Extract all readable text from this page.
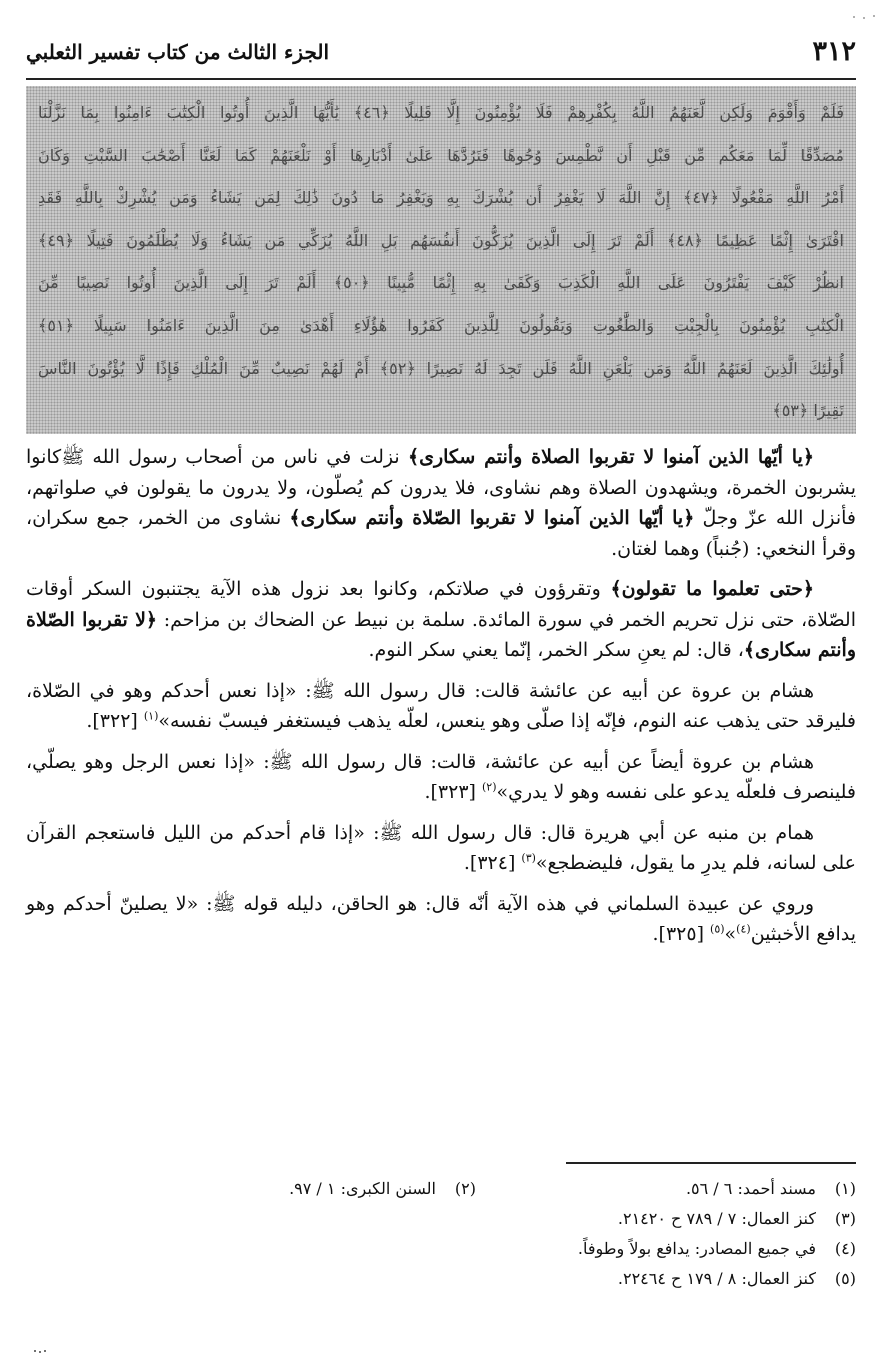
٣١٢
الجزء الثالث من كتاب تفسير الثعلبي
فَلَمْ وَأَقْوَمَ وَلَكِن لَّعَنَهُمُ اللَّهُ بِكُفْرِهِمْ فَلَا يُؤْمِنُونَ إِلَّا قَلِيلًا ﴿٤٦﴾ يَٰأَيُّهَا الَّذِينَ أُوتُوا الْكِتَٰبَ ءَامِنُوا بِمَا نَزَّلْنَا
مُصَدِّقًا لِّمَا مَعَكُم مِّن قَبْلِ أَن نَّطْمِسَ وُجُوهًا فَنَرُدَّهَا عَلَىٰ أَدْبَارِهَا أَوْ نَلْعَنَهُمْ كَمَا لَعَنَّا أَصْحَٰبَ السَّبْتِ وَكَانَ
أَمْرُ اللَّهِ مَفْعُولًا ﴿٤٧﴾ إِنَّ اللَّهَ لَا يَغْفِرُ أَن يُشْرَكَ بِهِ وَيَغْفِرُ مَا دُونَ ذَٰلِكَ لِمَن يَشَاءُ وَمَن يُشْرِكْ بِاللَّهِ فَقَدِ
افْتَرَىٰ إِثْمًا عَظِيمًا ﴿٤٨﴾ أَلَمْ تَرَ إِلَى الَّذِينَ يُزَكُّونَ أَنفُسَهُم بَلِ اللَّهُ يُزَكِّي مَن يَشَاءُ وَلَا يُظْلَمُونَ فَتِيلًا ﴿٤٩﴾
انظُرْ كَيْفَ يَفْتَرُونَ عَلَى اللَّهِ الْكَذِبَ وَكَفَىٰ بِهِ إِثْمًا مُّبِينًا ﴿٥٠﴾ أَلَمْ تَرَ إِلَى الَّذِينَ أُوتُوا نَصِيبًا مِّنَ
الْكِتَٰبِ يُؤْمِنُونَ بِالْجِبْتِ وَالطَّٰغُوتِ وَيَقُولُونَ لِلَّذِينَ كَفَرُوا هَٰؤُلَاءِ أَهْدَىٰ مِنَ الَّذِينَ ءَامَنُوا سَبِيلًا ﴿٥١﴾
أُولَٰئِكَ الَّذِينَ لَعَنَهُمُ اللَّهُ وَمَن يَلْعَنِ اللَّهُ فَلَن تَجِدَ لَهُ نَصِيرًا ﴿٥٢﴾ أَمْ لَهُمْ نَصِيبٌ مِّنَ الْمُلْكِ فَإِذًا لَّا يُؤْتُونَ النَّاسَ
نَقِيرًا ﴿٥٣﴾

﴿يا أيّها الذين آمنوا لا تقربوا الصلاة وأنتم سكارى﴾ نزلت في ناس من أصحاب رسول الله ﷺكانوا يشربون الخمرة، ويشهدون الصلاة وهم نشاوى، فلا يدرون كم يُصلّون، ولا يدرون ما يقولون في صلواتهم، فأنزل الله عزّ وجلّ ﴿يا أيّها الذين آمنوا لا تقربوا الصّلاة وأنتم سكارى﴾ نشاوى من الخمر، جمع سكران، وقرأ النخعي: (جُنباً) وهما لغتان.

﴿حتى تعلموا ما تقولون﴾ وتقرؤون في صلاتكم، وكانوا بعد نزول هذه الآية يجتنبون السكر أوقات الصّلاة، حتى نزل تحريم الخمر في سورة المائدة. سلمة بن نبيط عن الضحاك بن مزاحم: ﴿لا تقربوا الصّلاة وأنتم سكارى﴾، قال: لم يعنِ سكر الخمر، إنّما يعني سكر النوم.

هشام بن عروة عن أبيه عن عائشة قالت: قال رسول الله ﷺ: «إذا نعس أحدكم وهو في الصّلاة، فليرقد حتى يذهب عنه النوم، فإنّه إذا صلّى وهو ينعس، لعلّه يذهب فيستغفر فيسبّ نفسه»$^{(١)}$ [٣٢٢].

هشام بن عروة أيضاً عن أبيه عن عائشة، قالت: قال رسول الله ﷺ: «إذا نعس الرجل وهو يصلّي، فلينصرف فلعلّه يدعو على نفسه وهو لا يدري»$^{(٢)}$ [٣٢٣].

همام بن منبه عن أبي هريرة قال: قال رسول الله ﷺ: «إذا قام أحدكم من الليل فاستعجم القرآن على لسانه، فلم يدرِ ما يقول، فليضطجع»$^{(٣)}$ [٣٢٤].

وروي عن عبيدة السلماني في هذه الآية أنّه قال: هو الحاقن، دليله قوله ﷺ: «لا يصلينّ أحدكم وهو يدافع الأخبثين$^{(٤)}$»$^{(٥)}$ [٣٢٥].

(١)مسند أحمد: ٦ / ٥٦.
(٢)السنن الكبرى: ١ / ٩٧.
(٣)كنز العمال: ٧ / ٧٨٩ ح ٢١٤٢٠.
(٤)في جميع المصادر: يدافع بولاً وطوفاً.
(٥)كنز العمال: ٨ / ١٧٩ ح ٢٢٤٦٤.
